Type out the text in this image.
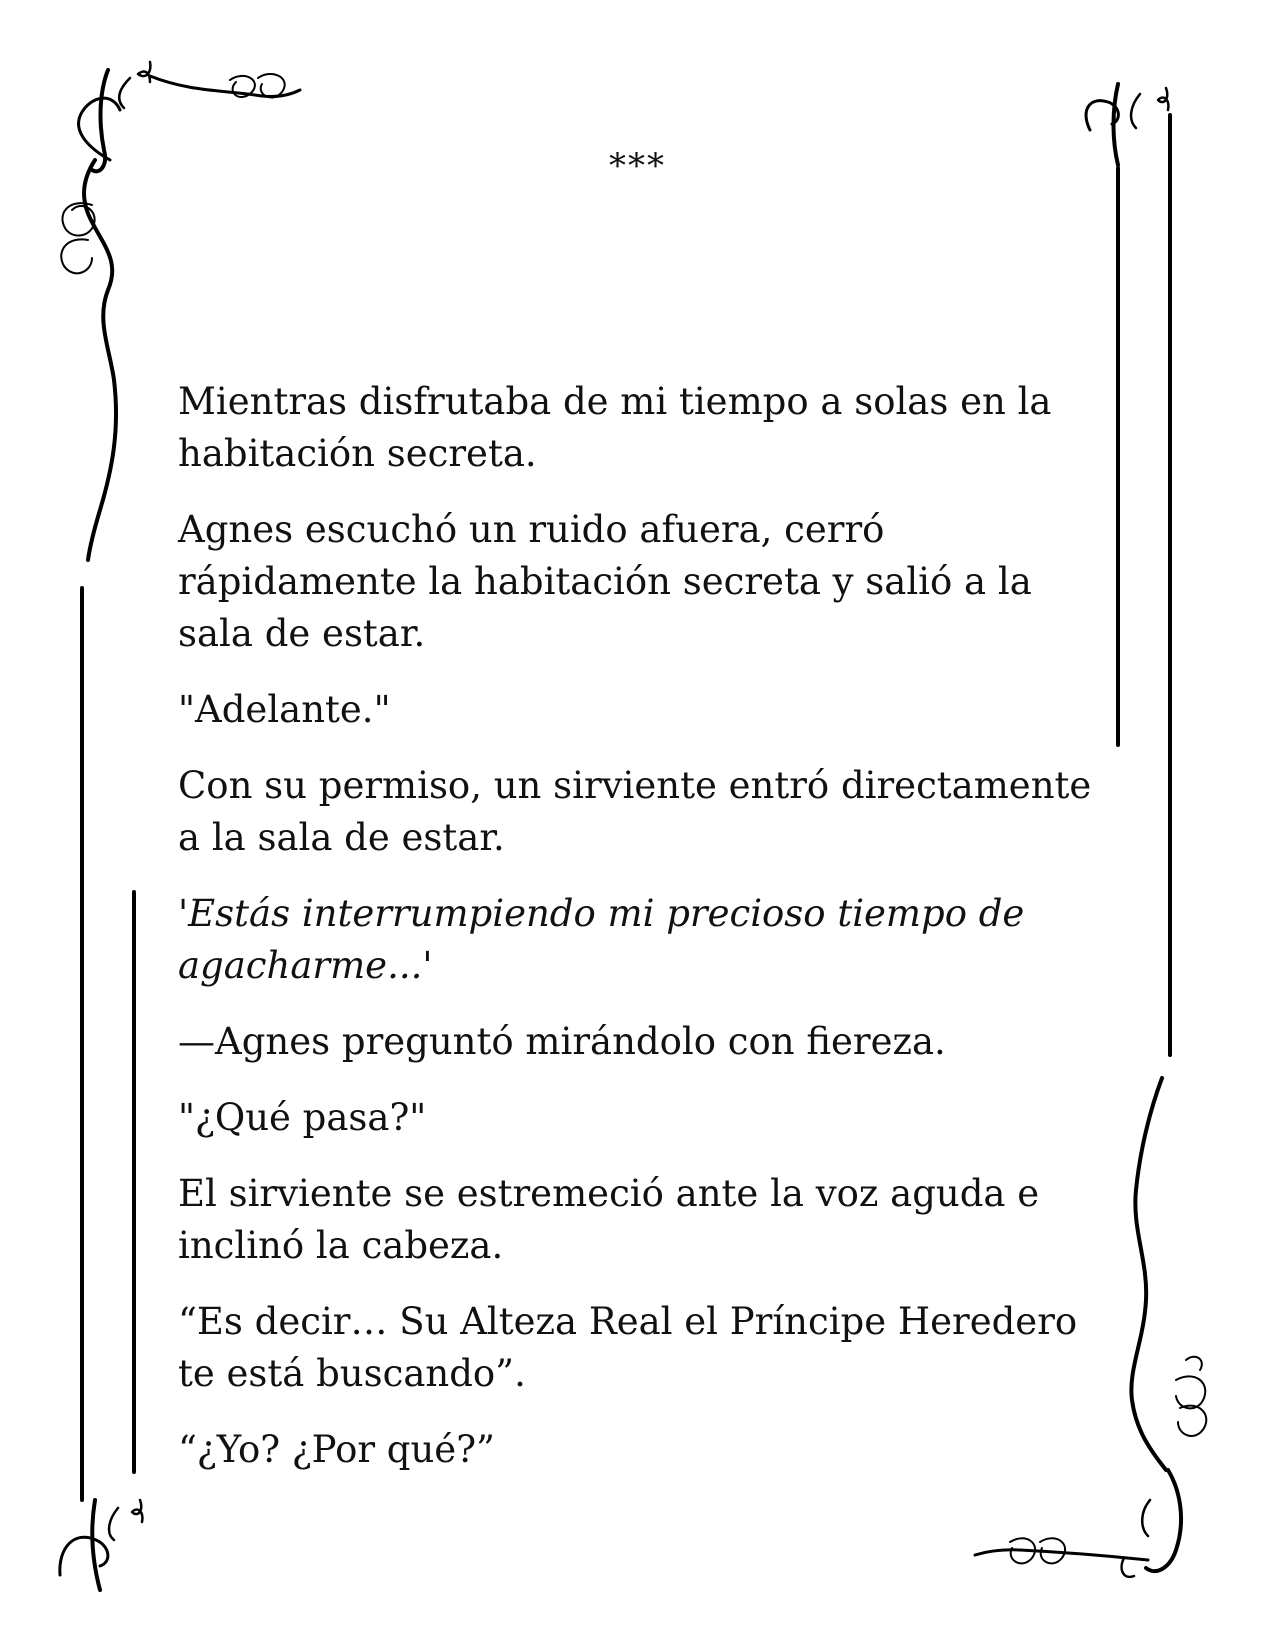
***

Mientras disfrutaba de mi tiempo a solas en la habitación secreta.

Agnes escuchó un ruido afuera, cerró rápidamente la habitación secreta y salió a la sala de estar.

"Adelante."

Con su permiso, un sirviente entró directamente a la sala de estar.

'Estás interrumpiendo mi precioso tiempo de agacharme...'

—Agnes preguntó mirándolo con fiereza.

"¿Qué pasa?"

El sirviente se estremeció ante la voz aguda e inclinó la cabeza.

“Es decir… Su Alteza Real el Príncipe Heredero te está buscando”.

“¿Yo? ¿Por qué?”
